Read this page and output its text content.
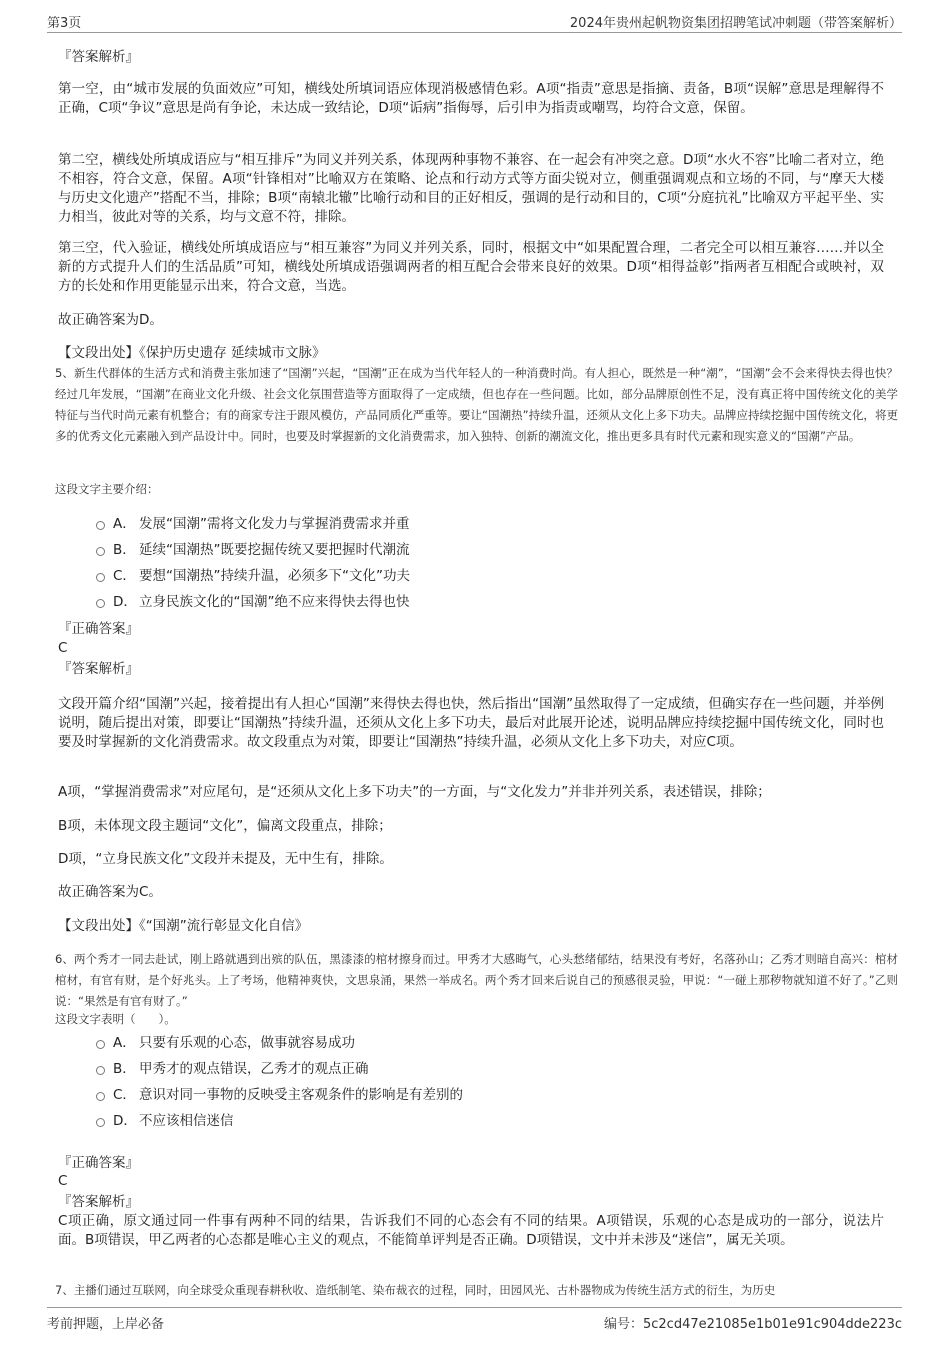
第3页	2024年贵州起帆物资集团招聘笔试冲刺题（带答案解析）
『答案解析』

第一空，由“城市发展的负面效应”可知，横线处所填词语应体现消极感情色彩。A项“指责”意思是指摘、责备，B项“误解”意思是理解得不正确，C项“争议”意思是尚有争论，未达成一致结论，D项“诟病”指侮辱，后引申为指责或嘲骂，均符合文意，保留。

第二空，横线处所填成语应与“相互排斥”为同义并列关系，体现两种事物不兼容、在一起会有冲突之意。D项“水火不容”比喻二者对立，绝不相容，符合文意，保留。A项“针锋相对”比喻双方在策略、论点和行动方式等方面尖锐对立，侧重强调观点和立场的不同，与“摩天大楼与历史文化遗产”搭配不当，排除；B项“南辕北辙”比喻行动和目的正好相反，强调的是行动和目的，C项“分庭抗礼”比喻双方平起平坐、实力相当，彼此对等的关系，均与文意不符，排除。

第三空，代入验证，横线处所填成语应与“相互兼容”为同义并列关系，同时，根据文中“如果配置合理，二者完全可以相互兼容……并以全新的方式提升人们的生活品质”可知，横线处所填成语强调两者的相互配合会带来良好的效果。D项“相得益彰”指两者互相配合或映衬，双方的长处和作用更能显示出来，符合文意，当选。

故正确答案为D。
【文段出处】《保护历史遗存 延续城市文脉》

5、新生代群体的生活方式和消费主张加速了“国潮”兴起，“国潮”正在成为当代年轻人的一种消费时尚。有人担心，既然是一种“潮”，“国潮”会不会来得快去得也快？经过几年发展，“国潮”在商业文化升级、社会文化氛围营造等方面取得了一定成绩，但也存在一些问题。比如，部分品牌原创性不足，没有真正将中国传统文化的美学特征与当代时尚元素有机整合；有的商家专注于跟风模仿，产品同质化严重等。要让“国潮热”持续升温，还须从文化上多下功夫。品牌应持续挖掘中国传统文化，将更多的优秀文化元素融入到产品设计中。同时，也要及时掌握新的文化消费需求，加入独特、创新的潮流文化，推出更多具有时代元素和现实意义的“国潮”产品。

这段文字主要介绍：
A． 发展“国潮”需将文化发力与掌握消费需求并重
B． 延续“国潮热”既要挖掘传统又要把握时代潮流
C． 要想“国潮热”持续升温，必须多下“文化”功夫
D． 立身民族文化的“国潮”绝不应来得快去得也快
『正确答案』
C
『答案解析』

文段开篇介绍“国潮”兴起，接着提出有人担心“国潮”来得快去得也快，然后指出“国潮”虽然取得了一定成绩，但确实存在一些问题，并举例说明，随后提出对策，即要让“国潮热”持续升温，还须从文化上多下功夫，最后对此展开论述，说明品牌应持续挖掘中国传统文化，同时也要及时掌握新的文化消费需求。故文段重点为对策，即要让“国潮热”持续升温，必须从文化上多下功夫，对应C项。

A项，“掌握消费需求”对应尾句，是“还须从文化上多下功夫”的一方面，与“文化发力”并非并列关系，表述错误，排除；

B项，未体现文段主题词“文化”，偏离文段重点，排除；

D项，“立身民族文化”文段并未提及，无中生有，排除。

故正确答案为C。
【文段出处】《“国潮”流行彰显文化自信》

6、两个秀才一同去赴试，刚上路就遇到出殡的队伍，黑漆漆的棺材擦身而过。甲秀才大感晦气，心头愁绪郁结，结果没有考好，名落孙山；乙秀才则暗自高兴：棺材棺材，有官有财，是个好兆头。上了考场，他精神爽快，文思泉涌，果然一举成名。两个秀才回来后说自己的预感很灵验，甲说：“一碰上那秽物就知道不好了。”乙则说：“果然是有官有财了。”

这段文字表明（　　）。
A． 只要有乐观的心态，做事就容易成功
B． 甲秀才的观点错误，乙秀才的观点正确
C． 意识对同一事物的反映受主客观条件的影响是有差别的
D． 不应该相信迷信
『正确答案』
C
『答案解析』

C项正确，原文通过同一件事有两种不同的结果，告诉我们不同的心态会有不同的结果。A项错误，乐观的心态是成功的一部分，说法片面。B项错误，甲乙两者的心态都是唯心主义的观点，不能简单评判是否正确。D项错误，文中并未涉及“迷信”，属无关项。

7、主播们通过互联网，向全球受众重现春耕秋收、造纸制笔、染布裁衣的过程，同时，田园风光、古朴器物成为传统生活方式的衍生，为历史

考前押题，上岸必备	编号：5c2cd47e21085e1b01e91c904dde223c
